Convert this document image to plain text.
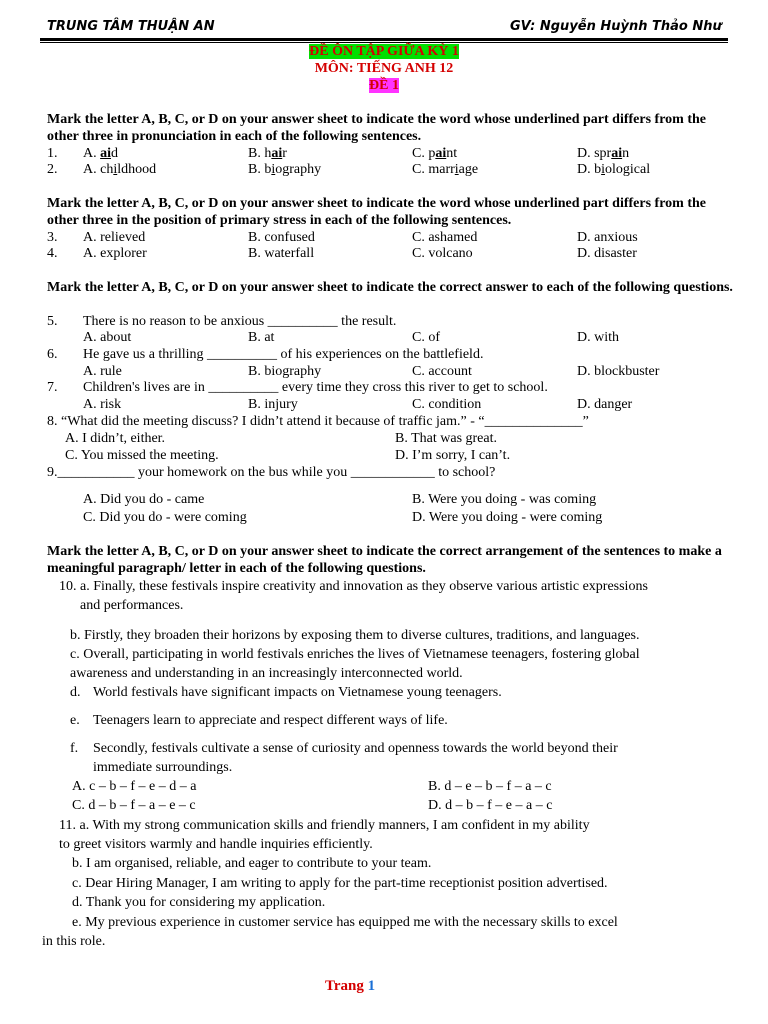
TRUNG TÂM THUẬN AN	GV: Nguyễn Huỳnh Thảo Như
ĐỀ ÔN TẬP GIỮA KỲ 1
MÔN: TIẾNG ANH 12
ĐỀ 1
Mark the letter A, B, C, or D on your answer sheet to indicate the word whose underlined part differs from the other three in pronunciation in each of the following sentences.
1. A. aid	B. hair	C. paint	D. sprain
2. A. childhood	B. biography	C. marriage	D. biological
Mark the letter A, B, C, or D on your answer sheet to indicate the word whose underlined part differs from the other three in the position of primary stress in each of the following sentences.
3. A. relieved	B. confused	C. ashamed	D. anxious
4. A. explorer	B. waterfall	C. volcano	D. disaster
Mark the letter A, B, C, or D on your answer sheet to indicate the correct answer to each of the following questions.
5. There is no reason to be anxious __________ the result.
A. about	B. at	C. of	D. with
6. He gave us a thrilling __________ of his experiences on the battlefield.
A. rule	B. biography	C. account	D. blockbuster
7. Children's lives are in __________ every time they cross this river to get to school.
A. risk	B. injury	C. condition	D. danger
8. “What did the meeting discuss? I didn’t attend it because of traffic jam.” - “______________”
A. I didn’t, either.	B. That was great.
C. You missed the meeting.	D. I’m sorry, I can’t.
9.___________ your homework on the bus while you ____________ to school?
A. Did you do - came	B. Were you doing - was coming
C. Did you do - were coming	D. Were you doing - were coming
Mark the letter A, B, C, or D on your answer sheet to indicate the correct arrangement of the sentences to make a meaningful paragraph/ letter in each of the following questions.
10. a. Finally, these festivals inspire creativity and innovation as they observe various artistic expressions
and performances.
b. Firstly, they broaden their horizons by exposing them to diverse cultures, traditions, and languages.
c. Overall, participating in world festivals enriches the lives of Vietnamese teenagers, fostering global
awareness and understanding in an increasingly interconnected world.
d. World festivals have significant impacts on Vietnamese young teenagers.
e. Teenagers learn to appreciate and respect different ways of life.
f. Secondly, festivals cultivate a sense of curiosity and openness towards the world beyond their
immediate surroundings.
A. c – b – f – e – d – a	B. d – e – b – f – a – c
C. d – b – f – a – e – c	D. d – b – f – e – a – c
11. a. With my strong communication skills and friendly manners, I am confident in my ability
to greet visitors warmly and handle inquiries efficiently.
b. I am organised, reliable, and eager to contribute to your team.
c. Dear Hiring Manager, I am writing to apply for the part-time receptionist position advertised.
d. Thank you for considering my application.
e. My previous experience in customer service has equipped me with the necessary skills to excel
in this role.
Trang 1
